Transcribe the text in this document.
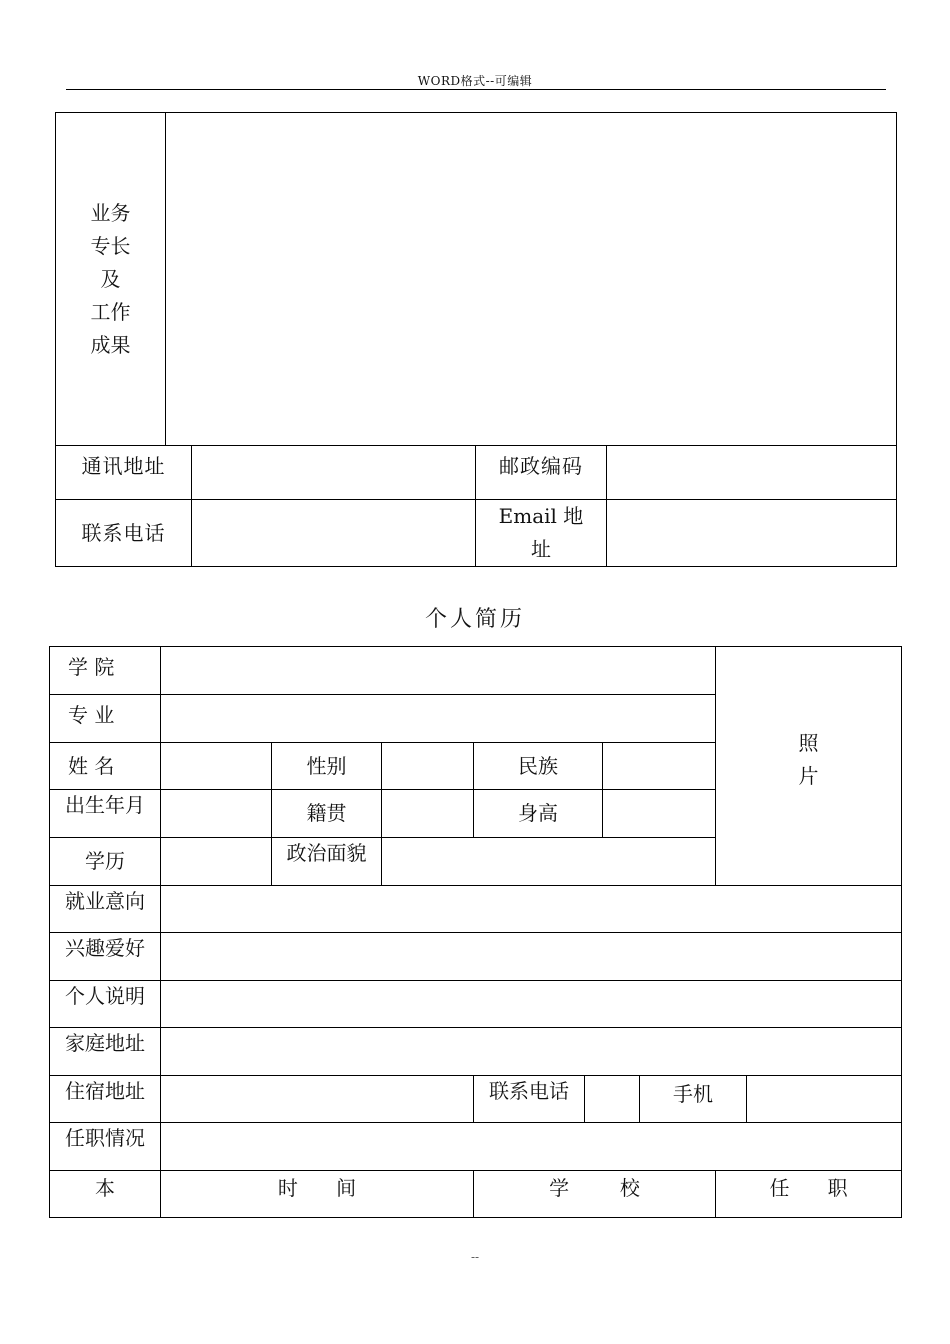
WORD格式--可编辑
业务
专长
及
工作
成果				

通讯地址			邮政编码	
联系电话			Email 地
址	

个人简历
学 院								照
片	

专 业									
姓 名		性别		民族					

出生年月		籍贯		身高					
学历		政治面貌							

就业意向									

兴趣爱好									

个人说明									

家庭地址									

住宿地址				联系电话			手机		

任职情况									

本	时      间			学        校				任      职	
--
